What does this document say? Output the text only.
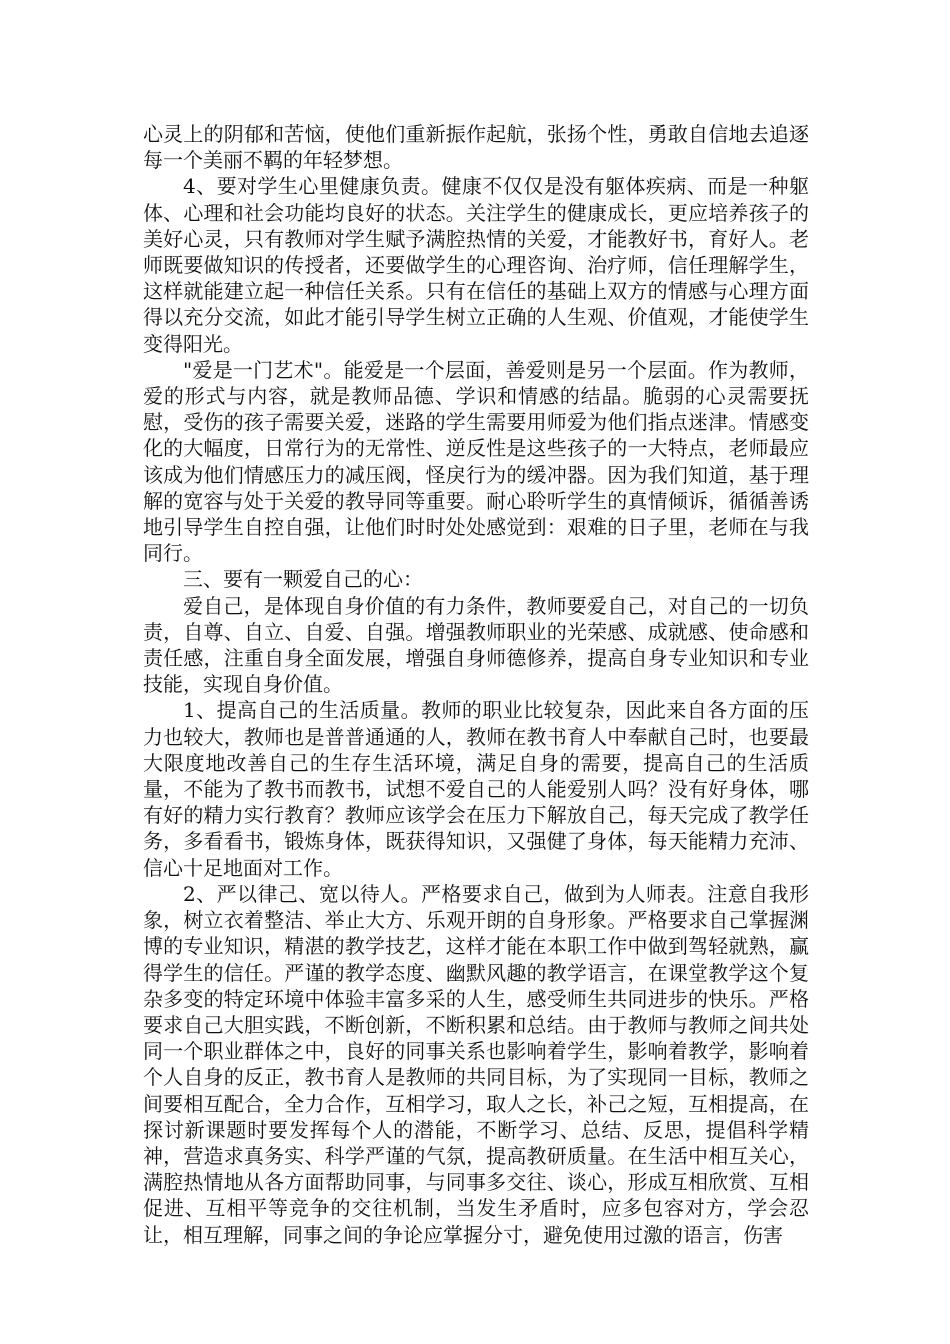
心灵上的阴郁和苦恼，使他们重新振作起航，张扬个性，勇敢自信地去追逐每一个美丽不羁的年轻梦想。

4、要对学生心里健康负责。健康不仅仅是没有躯体疾病、而是一种躯体、心理和社会功能均良好的状态。关注学生的健康成长，更应培养孩子的美好心灵，只有教师对学生赋予满腔热情的关爱，才能教好书，育好人。老师既要做知识的传授者，还要做学生的心理咨询、治疗师，信任理解学生，这样就能建立起一种信任关系。只有在信任的基础上双方的情感与心理方面得以充分交流，如此才能引导学生树立正确的人生观、价值观，才能使学生变得阳光。

"爱是一门艺术"。能爱是一个层面，善爱则是另一个层面。作为教师，爱的形式与内容，就是教师品德、学识和情感的结晶。脆弱的心灵需要抚慰，受伤的孩子需要关爱，迷路的学生需要用师爱为他们指点迷津。情感变化的大幅度，日常行为的无常性、逆反性是这些孩子的一大特点，老师最应该成为他们情感压力的减压阀，怪戾行为的缓冲器。因为我们知道，基于理解的宽容与处于关爱的教导同等重要。耐心聆听学生的真情倾诉，循循善诱地引导学生自控自强，让他们时时处处感觉到：艰难的日子里，老师在与我同行。

三、要有一颗爱自己的心：

爱自己，是体现自身价值的有力条件，教师要爱自己，对自己的一切负责，自尊、自立、自爱、自强。增强教师职业的光荣感、成就感、使命感和责任感，注重自身全面发展，增强自身师德修养，提高自身专业知识和专业技能，实现自身价值。

1、提高自己的生活质量。教师的职业比较复杂，因此来自各方面的压力也较大，教师也是普普通通的人，教师在教书育人中奉献自己时，也要最大限度地改善自己的生存生活环境，满足自身的需要，提高自己的生活质量，不能为了教书而教书，试想不爱自己的人能爱别人吗？没有好身体，哪有好的精力实行教育？教师应该学会在压力下解放自己，每天完成了教学任务，多看看书，锻炼身体，既获得知识，又强健了身体，每天能精力充沛、信心十足地面对工作。

2、严以律己、宽以待人。严格要求自己，做到为人师表。注意自我形象，树立衣着整洁、举止大方、乐观开朗的自身形象。严格要求自己掌握渊博的专业知识，精湛的教学技艺，这样才能在本职工作中做到驾轻就熟，赢得学生的信任。严谨的教学态度、幽默风趣的教学语言，在课堂教学这个复杂多变的特定环境中体验丰富多采的人生，感受师生共同进步的快乐。严格要求自己大胆实践，不断创新，不断积累和总结。由于教师与教师之间共处同一个职业群体之中，良好的同事关系也影响着学生，影响着教学，影响着个人自身的反正，教书育人是教师的共同目标，为了实现同一目标，教师之间要相互配合，全力合作，互相学习，取人之长，补己之短，互相提高，在探讨新课题时要发挥每个人的潜能，不断学习、总结、反思，提倡科学精神，营造求真务实、科学严谨的气氛，提高教研质量。在生活中相互关心，满腔热情地从各方面帮助同事，与同事多交往、谈心，形成互相欣赏、互相促进、互相平等竞争的交往机制，当发生矛盾时，应多包容对方，学会忍让，相互理解，同事之间的争论应掌握分寸，避免使用过激的语言，伤害
